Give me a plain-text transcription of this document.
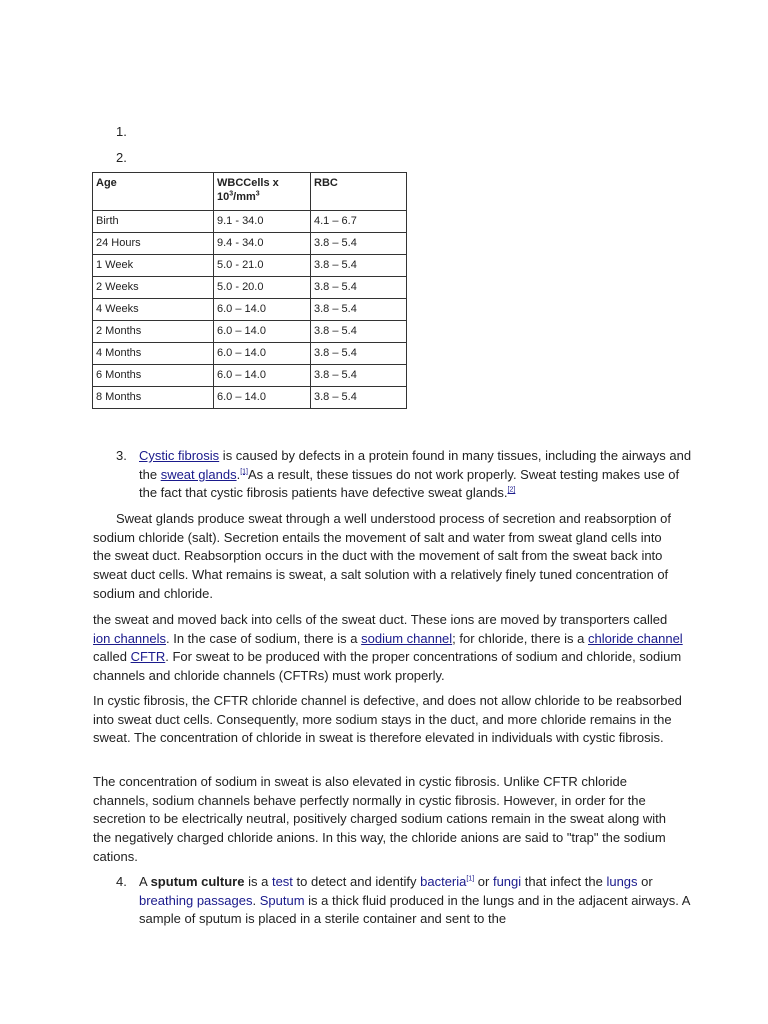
1.
2.
Age	WBCCells x $10^3/mm^3$	RBC
Birth	9.1 - 34.0	4.1 – 6.7
24 Hours	9.4 - 34.0	3.8 – 5.4
1 Week	5.0 - 21.0	3.8 – 5.4
2 Weeks	5.0 - 20.0	3.8 – 5.4
4 Weeks	6.0 – 14.0	3.8 – 5.4
2 Months	6.0 – 14.0	3.8 – 5.4
4 Months	6.0 – 14.0	3.8 – 5.4
6 Months	6.0 – 14.0	3.8 – 5.4
8 Months	6.0 – 14.0	3.8 – 5.4
3. Cystic fibrosis is caused by defects in a protein found in many tissues, including the airways and the sweat glands.[1]As a result, these tissues do not work properly. Sweat testing makes use of the fact that cystic fibrosis patients have defective sweat glands.[2]
Sweat glands produce sweat through a well understood process of secretion and reabsorption of sodium chloride (salt). Secretion entails the movement of salt and water from sweat gland cells into the sweat duct. Reabsorption occurs in the duct with the movement of salt from the sweat back into sweat duct cells. What remains is sweat, a salt solution with a relatively finely tuned concentration of sodium and chloride.
the sweat and moved back into cells of the sweat duct. These ions are moved by transporters called ion channels. In the case of sodium, there is a sodium channel; for chloride, there is a chloride channel called CFTR. For sweat to be produced with the proper concentrations of sodium and chloride, sodium channels and chloride channels (CFTRs) must work properly.
In cystic fibrosis, the CFTR chloride channel is defective, and does not allow chloride to be reabsorbed into sweat duct cells. Consequently, more sodium stays in the duct, and more chloride remains in the sweat. The concentration of chloride in sweat is therefore elevated in individuals with cystic fibrosis.
The concentration of sodium in sweat is also elevated in cystic fibrosis. Unlike CFTR chloride channels, sodium channels behave perfectly normally in cystic fibrosis. However, in order for the secretion to be electrically neutral, positively charged sodium cations remain in the sweat along with the negatively charged chloride anions. In this way, the chloride anions are said to "trap" the sodium cations.
4. A sputum culture is a test to detect and identify bacteria[1] or fungi that infect the lungs or breathing passages. Sputum is a thick fluid produced in the lungs and in the adjacent airways. A sample of sputum is placed in a sterile container and sent to the
